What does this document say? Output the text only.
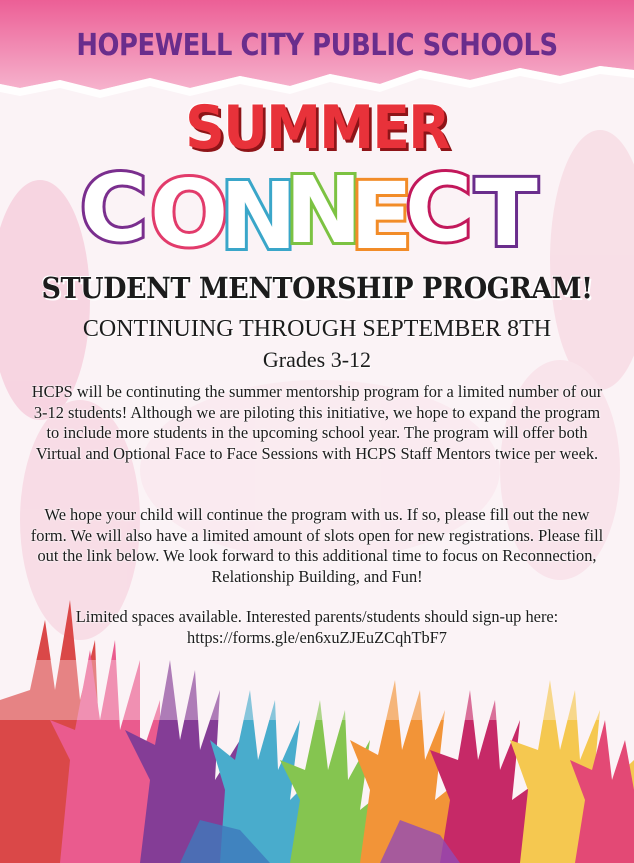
HOPEWELL CITY PUBLIC SCHOOLS
SUMMER
C O
N
N
E
C T
STUDENT MENTORSHIP PROGRAM!
CONTINUING THROUGH SEPTEMBER 8TH
Grades 3-12
HCPS will be continuting the summer mentorship program for a limited number of our 3-12 students! Although we are piloting this initiative, we hope to expand the program to include more students in the upcoming school year. The program will offer both Virtual and Optional Face to Face Sessions with HCPS Staff Mentors twice per week.
We hope your child will continue the program with us. If so, please fill out the new form. We will also have a limited amount of slots open for new registrations. Please fill out the link below. We look forward to this additional time to focus on Reconnection, Relationship Building, and Fun!
Limited spaces available. Interested parents/students should sign-up here:
https://forms.gle/en6xuZJEuZCqhTbF7
